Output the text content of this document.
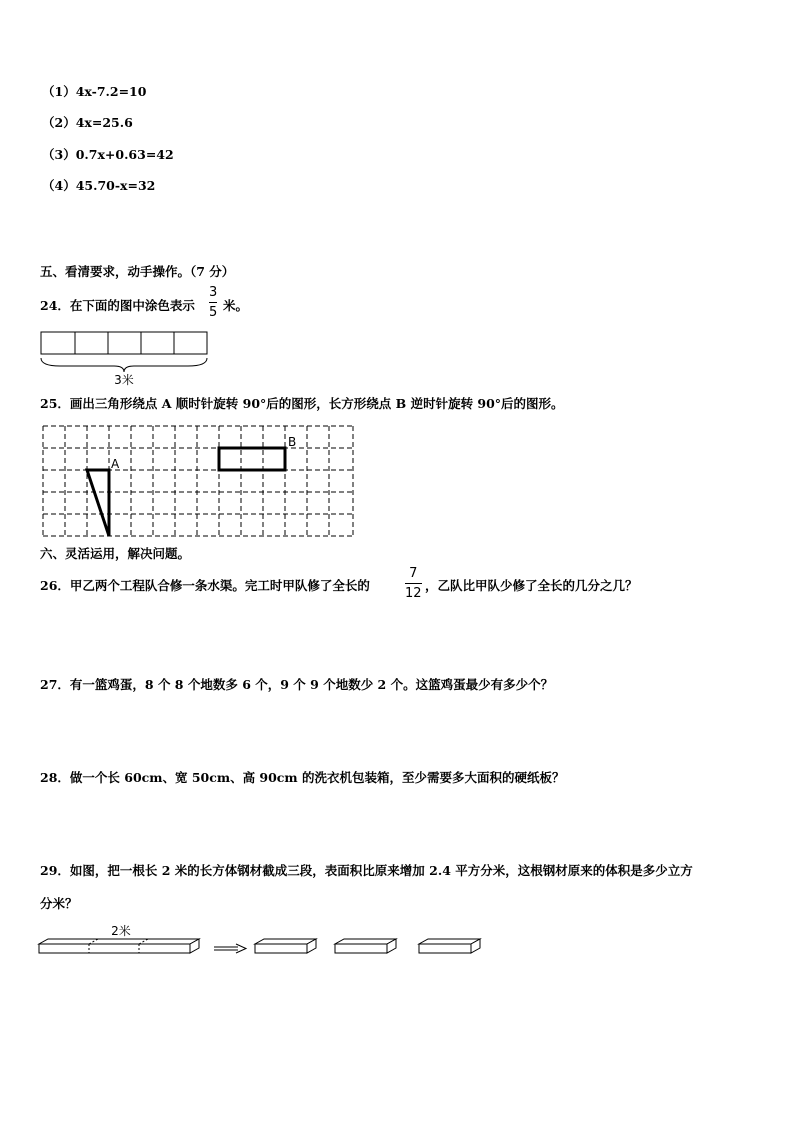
（1）4x-7.2=10
（2）4x=25.6
（3）0.7x+0.63=42
（4）45.70-x=32
五、看清要求，动手操作。（7 分）
24．在下面的图中涂色表示
3
5 米。
3米
25．画出三角形绕点 A 顺时针旋转 90°后的图形，长方形绕点 B 逆时针旋转 90°后的图形。
A
B
六、灵活运用，解决问题。
26．甲乙两个工程队合修一条水渠。完工时甲队修了全长的
7
12
，乙队比甲队少修了全长的几分之几？
27．有一篮鸡蛋，8 个 8 个地数多 6 个，9 个 9 个地数少 2 个。这篮鸡蛋最少有多少个？
28．做一个长 60cm、宽 50cm、高 90cm 的洗衣机包装箱，至少需要多大面积的硬纸板？
29．如图，把一根长 2 米的长方体钢材截成三段，表面积比原来增加 2.4 平方分米，这根钢材原来的体积是多少立方
分米？
2米
